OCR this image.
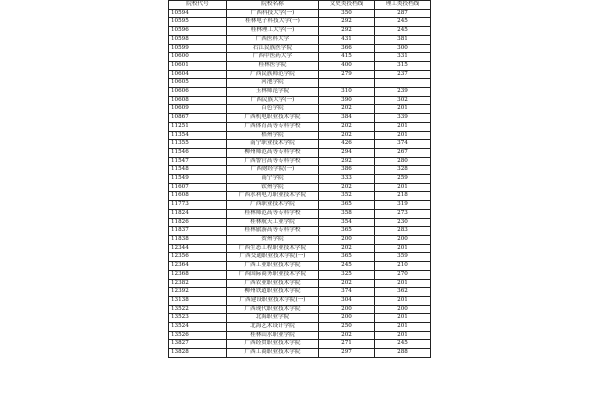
院校代号	院校名称	文史类投档线	理工类投档线
10594	广西科技大学(一)	350	287
10595	桂林电子科技大学(一)	292	245
10596	桂林理工大学(一)	292	245
10598	广西医科大学	431	381
10599	右江民族医学院	366	300
10600	广西中医药大学	415	331
10601	桂林医学院	400	315
10604	广西民族师范学院	279	237
10605	河池学院		
10606	玉林师范学院	310	239
10608	广西民族大学(一)	390	302
10609	百色学院	202	201
10867	广西机电职业技术学院	384	339
11251	广西体育高等专科学校	202	201
11354	梧州学院	202	201
11355	南宁职业技术学院	426	374
11546	柳州师范高等专科学校	294	267
11547	广西警官高等专科学校	292	280
11548	广西财经学院(一)	386	328
11549	南宁学院	333	259
11607	钦州学院	202	201
11608	广西水利电力职业技术学院	352	218
11773	广西职业技术学院	365	319
11824	桂林师范高等专科学校	358	273
11826	桂林航天工业学院	354	230
11837	桂林旅游高等专科学校	365	283
11838	贺州学院	200	200
12344	广西生态工程职业技术学院	202	201
12356	广西交通职业技术学院(一)	365	359
12364	广西工业职业技术学院	245	210
12368	广西国际商务职业技术学院	325	270
12382	广西农业职业技术学院	202	201
12392	柳州铁道职业技术学院	374	362
13138	广西建设职业技术学院(一)	304	201
13522	广西现代职业技术学院	200	200
13523	北海职业学院	200	201
13524	北海艺术设计学院	250	201
13526	桂林山水职业学院	202	201
13827	广西经贸职业技术学院	271	245
13828	广西工商职业技术学院	297	288
